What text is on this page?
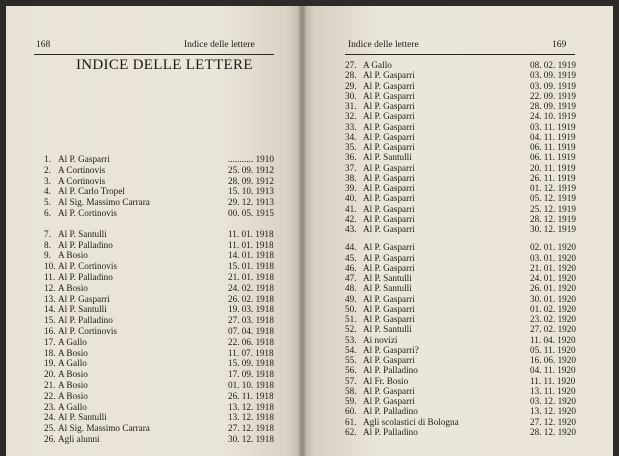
168	Indice delle lettere
INDICE DELLE LETTERE
Indice delle lettere	169
1. Al P. Gasparri	........... 1910
2. A Cortinovis	25. 09. 1912
3. A Cortinovis	28. 09. 1912
4. Al P. Carlo Tropel	15. 10. 1913
5. Al Sig. Massimo Carrara	29. 12. 1913
6. Al P. Cortinovis	00. 05. 1915
7. Al P. Santulli	11. 01. 1918
8. Al P. Palladino	11. 01. 1918
9. A Bosio	14. 01. 1918
10. Al P. Cortinovis	15. 01. 1918
11. Al P. Palladino	21. 01. 1918
12. A Bosio	24. 02. 1918
13. Al P. Gasparri	26. 02. 1918
14. Al P. Santulli	19. 03. 1918
15. Al P. Palladino	27. 03. 1918
16. Al P. Cortinovis	07. 04. 1918
17. A Gallo	22. 06. 1918
18. A Bosio	11. 07. 1918
19. A Gallo	15. 09. 1918
20. A Bosio	17. 09. 1918
21. A Bosio	01. 10. 1918
22. A Bosio	26. 11. 1918
23. A Gallo	13. 12. 1918
24. Al P. Santulli	13. 12. 1918
25. Al Sig. Massimo Carrara	27. 12. 1918
26. Agli alunni	30. 12. 1918
27. A Gallo	08. 02. 1919
28. Al P. Gasparri	03. 09. 1919
29. Al P. Gasparri	03. 09. 1919
30. Al P. Gasparri	22. 09. 1919
31. Al P. Gasparri	28. 09. 1919
32. Al P. Gasparri	24. 10. 1919
33. Al P. Gasparri	03. 11. 1919
34. Al P. Gasparri	04. 11. 1919
35. Al P. Gasparri	06. 11. 1919
36. Al P. Santulli	06. 11. 1919
37. Al P. Gasparri	20. 11. 1919
38. Al P. Gasparri	26. 11. 1919
39. Al P. Gasparri	01. 12. 1919
40. Al P. Gasparri	05. 12. 1919
41. Al P. Gasparri	25. 12. 1919
42. Al P. Gasparri	28. 12. 1919
43. Al P. Gasparri	30. 12. 1919
44. Al P. Gasparri	02. 01. 1920
45. Al P. Gasparri	03. 01. 1920
46. Al P. Gasparri	21. 01. 1920
47. Al P. Santulli	24. 01. 1920
48. Al P. Santulli	26. 01. 1920
49. Al P. Gasparri	30. 01. 1920
50. Al P. Gasparri	01. 02. 1920
51. Al P. Gasparri	23. 02. 1920
52. Al P. Santulli	27. 02. 1920
53. Ai novizi	11. 04. 1920
54. Al P. Gasparri?	05. 11. 1920
55. Al P. Gasparri	16. 06. 1920
56. Al P. Palladino	04. 11. 1920
57. Al Fr. Bosio	11. 11. 1920
58. Al P. Gasparri	13. 11. 1920
59. Al P. Gasparri	03. 12. 1920
60. Al P. Palladino	13. 12. 1920
61. Agli scolastici di Bologna	27. 12. 1920
62. Al P. Palladino	28. 12. 1920
